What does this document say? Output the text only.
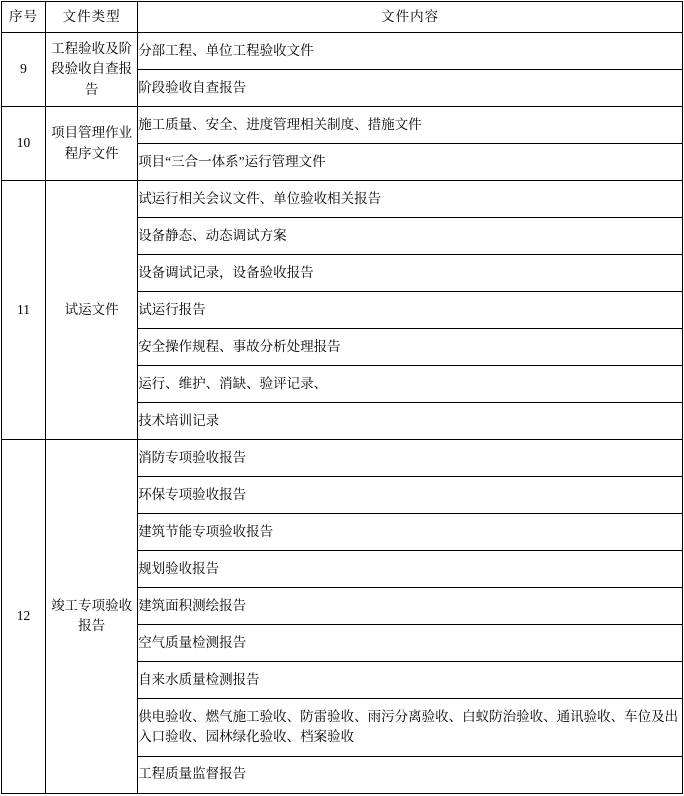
序号	文件类型	文件内容
9	工程验收及阶段验收自查报告	分部工程、单位工程验收文件
		阶段验收自查报告
10	项目管理作业程序文件	施工质量、安全、进度管理相关制度、措施文件
		项目“三合一体系”运行管理文件
11	试运文件	试运行相关会议文件、单位验收相关报告
		设备静态、动态调试方案
		设备调试记录，设备验收报告
		试运行报告
		安全操作规程、事故分析处理报告
		运行、维护、消缺、验评记录、
		技术培训记录
12	竣工专项验收报告	消防专项验收报告
		环保专项验收报告
		建筑节能专项验收报告
		规划验收报告
		建筑面积测绘报告
		空气质量检测报告
		自来水质量检测报告
		供电验收、燃气施工验收、防雷验收、雨污分离验收、白蚁防治验收、通讯验收、车位及出入口验收、园林绿化验收、档案验收
		工程质量监督报告
